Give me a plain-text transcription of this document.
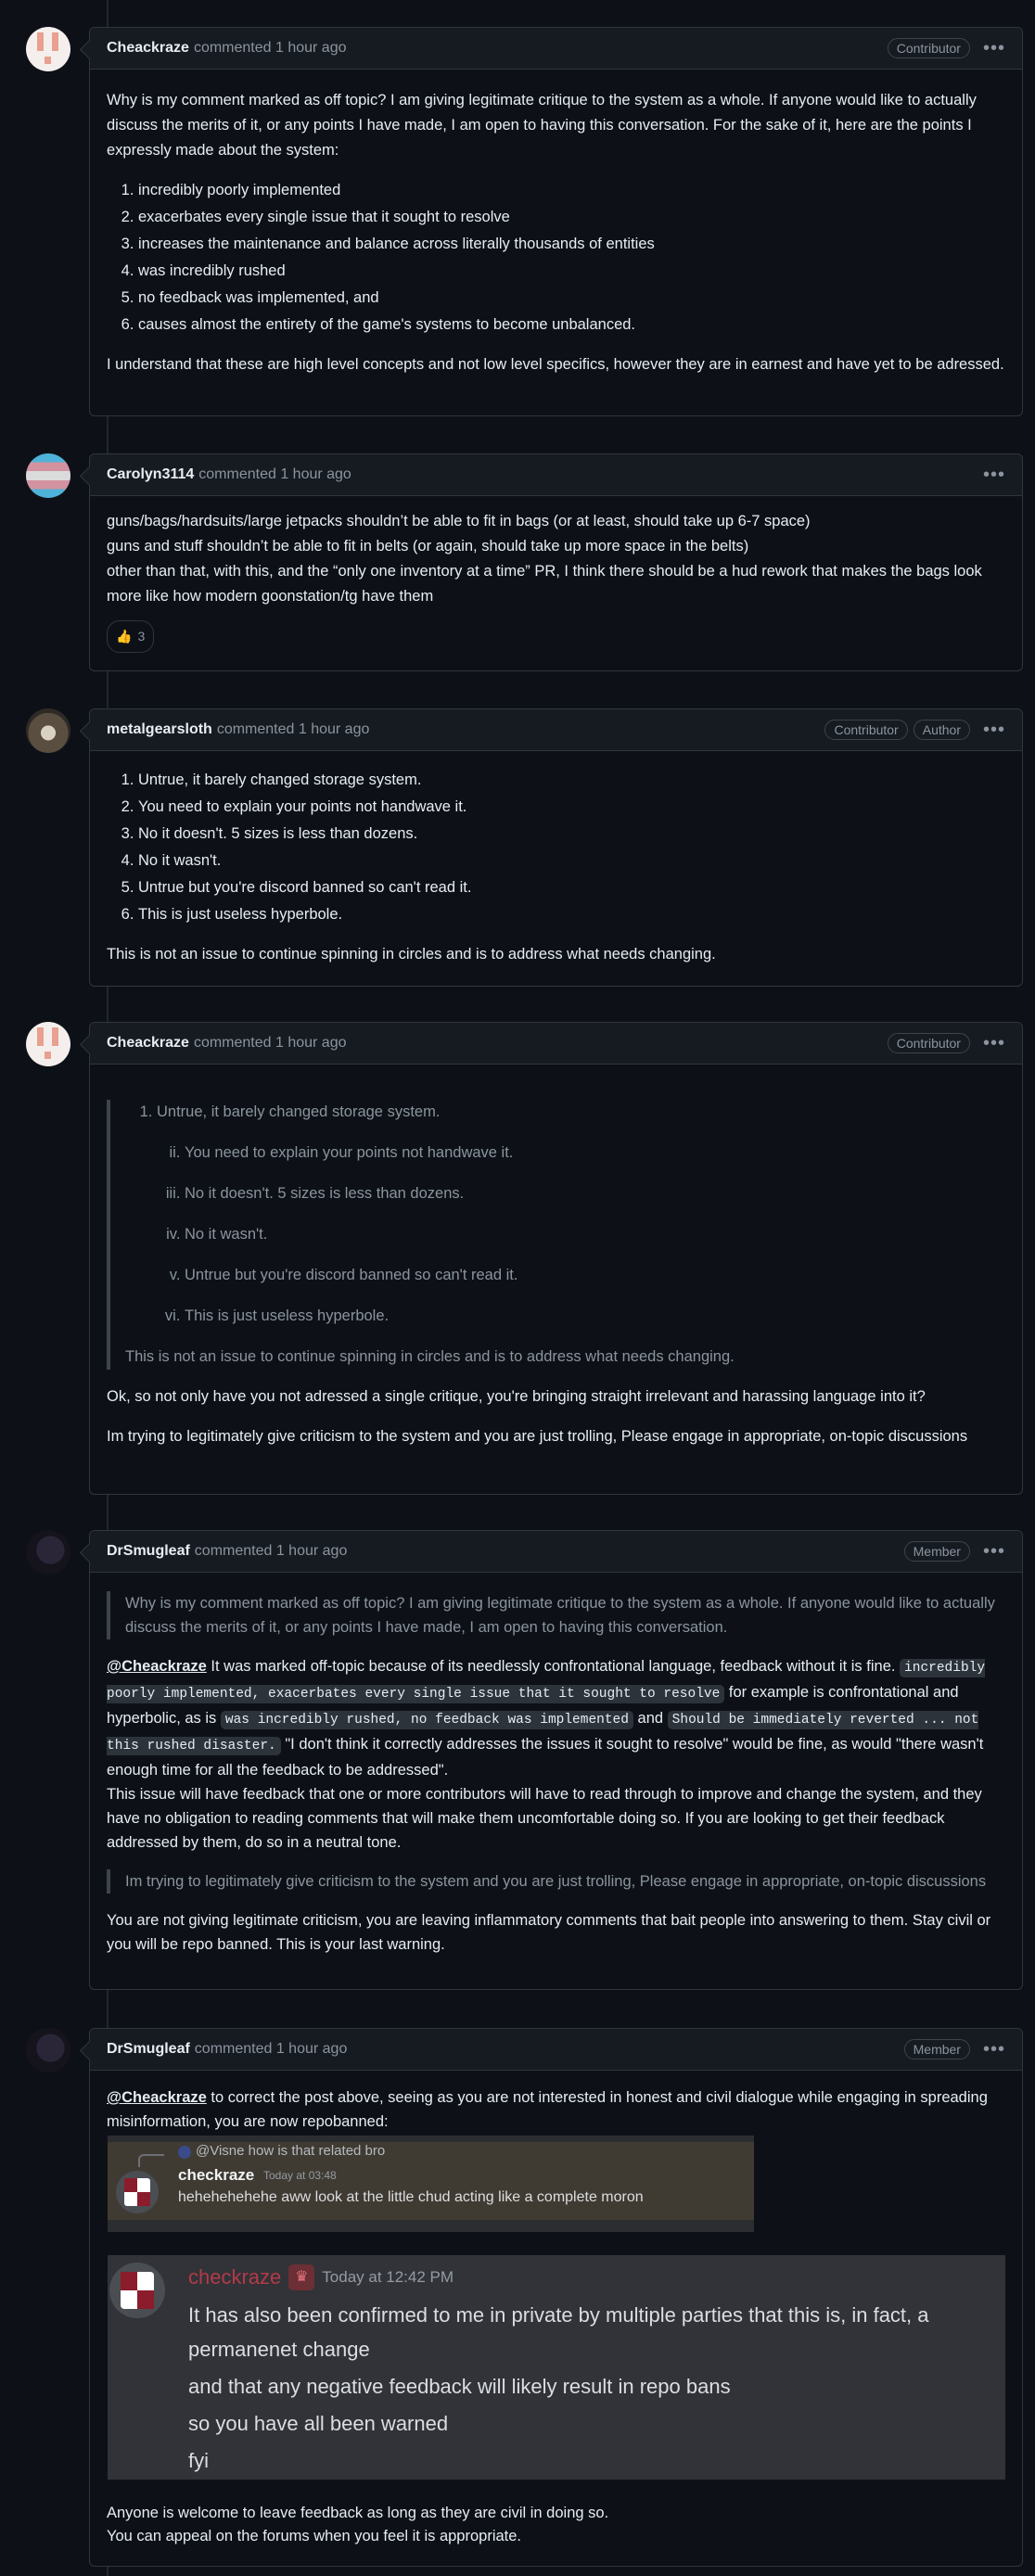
Cheackraze commented 1 hour ago	Contributor	•••

Why is my comment marked as off topic? I am giving legitimate critique to the system as a whole. If anyone would like to actually discuss the merits of it, or any points I have made, I am open to having this conversation. For the sake of it, here are the points I expressly made about the system:

1. incredibly poorly implemented
2. exacerbates every single issue that it sought to resolve
3. increases the maintenance and balance across literally thousands of entities
4. was incredibly rushed
5. no feedback was implemented, and
6. causes almost the entirety of the game's systems to become unbalanced.

I understand that these are high level concepts and not low level specifics, however they are in earnest and have yet to be adressed.

Carolyn3114 commented 1 hour ago	•••
guns/bags/hardsuits/large jetpacks shouldn’t be able to fit in bags (or at least, should take up 6-7 space)
guns and stuff shouldn’t be able to fit in belts (or again, should take up more space in the belts)
other than that, with this, and the “only one inventory at a time” PR, I think there should be a hud rework that makes the bags look more like how modern goonstation/tg have them
👍 3
metalgearsloth commented 1 hour ago	Contributor	Author	•••
1. Untrue, it barely changed storage system.
2. You need to explain your points not handwave it.
3. No it doesn't. 5 sizes is less than dozens.
4. No it wasn't.
5. Untrue but you're discord banned so can't read it.
6. This is just useless hyperbole.

This is not an issue to continue spinning in circles and is to address what needs changing.

Cheackraze commented 1 hour ago	Contributor	•••
1. Untrue, it barely changed storage system.
ii. You need to explain your points not handwave it.
iii. No it doesn't. 5 sizes is less than dozens.
iv. No it wasn't.
v. Untrue but you're discord banned so can't read it.
vi. This is just useless hyperbole.
This is not an issue to continue spinning in circles and is to address what needs changing.

Ok, so not only have you not adressed a single critique, you're bringing straight irrelevant and harassing language into it?

Im trying to legitimately give criticism to the system and you are just trolling, Please engage in appropriate, on-topic discussions

DrSmugleaf commented 1 hour ago	Member	•••
Why is my comment marked as off topic? I am giving legitimate critique to the system as a whole. If anyone would like to actually discuss the merits of it, or any points I have made, I am open to having this conversation.

@Cheackraze It was marked off-topic because of its needlessly confrontational language, feedback without it is fine. incredibly poorly implemented, exacerbates every single issue that it sought to resolve for example is confrontational and hyperbolic, as is was incredibly rushed, no feedback was implemented and Should be immediately reverted ... not this rushed disaster. "I don't think it correctly addresses the issues it sought to resolve" would be fine, as would "there wasn't enough time for all the feedback to be addressed".
This issue will have feedback that one or more contributors will have to read through to improve and change the system, and they have no obligation to reading comments that will make them uncomfortable doing so. If you are looking to get their feedback addressed by them, do so in a neutral tone.

Im trying to legitimately give criticism to the system and you are just trolling, Please engage in appropriate, on-topic discussions

You are not giving legitimate criticism, you are leaving inflammatory comments that bait people into answering to them. Stay civil or you will be repo banned. This is your last warning.

DrSmugleaf commented 1 hour ago	Member	•••

@Cheackraze to correct the post above, seeing as you are not interested in honest and civil dialogue while engaging in spreading misinformation, you are now repobanned:

@Visne how is that related bro
checkraze Today at 03:48
hehehehehehe aww look at the little chud acting like a complete moron
checkraze ♛ Today at 12:42 PM
It has also been confirmed to me in private by multiple parties that this is, in fact, a permanenet change
and that any negative feedback will likely result in repo bans
so you have all been warned
fyi
Anyone is welcome to leave feedback as long as they are civil in doing so.
You can appeal on the forums when you feel it is appropriate.
